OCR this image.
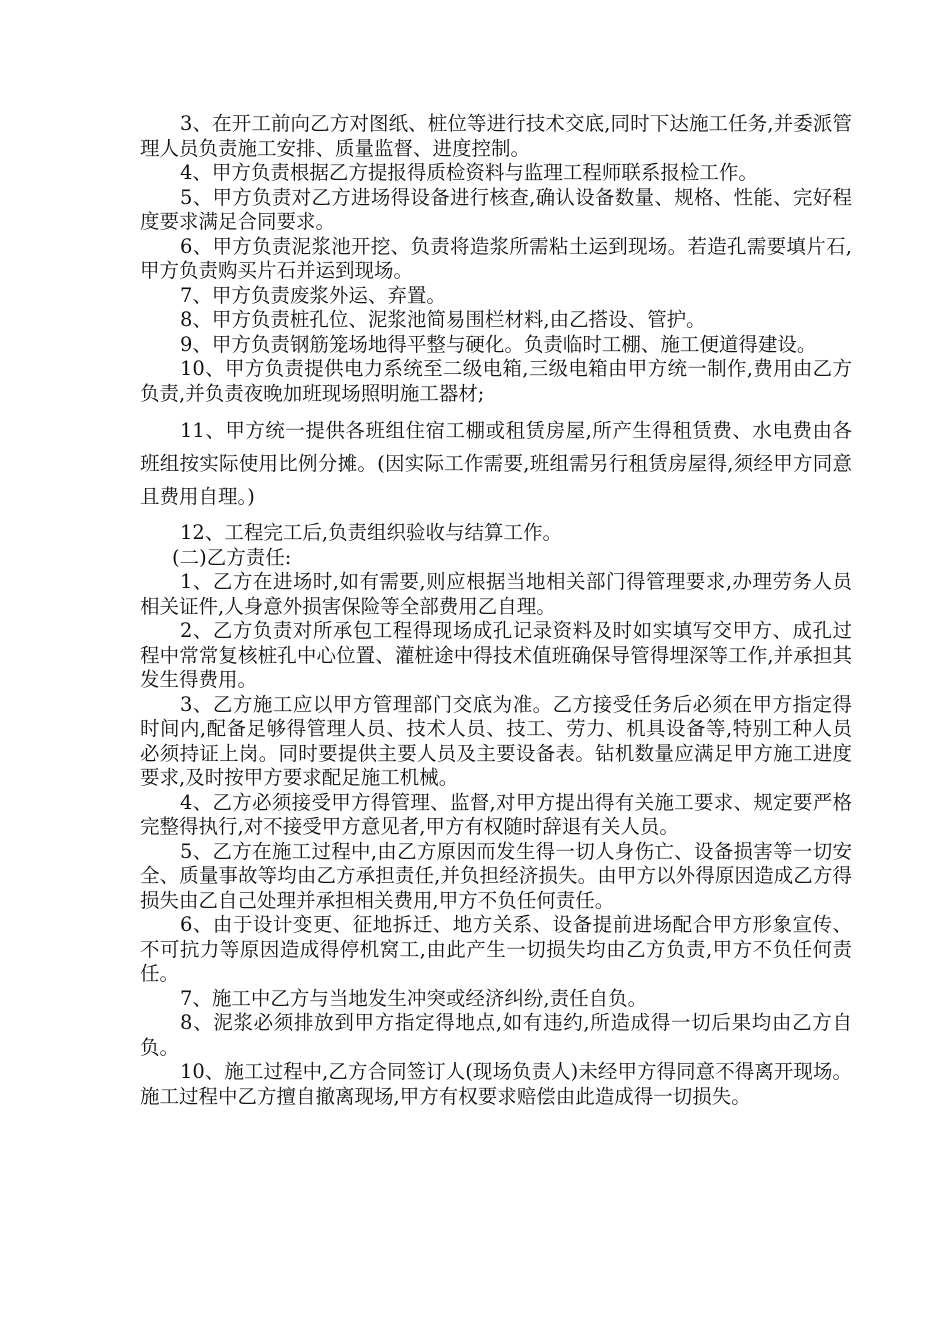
3、在开工前向乙方对图纸、桩位等进行技术交底,同时下达施工任务,并委派管理人员负责施工安排、质量监督、进度控制。

4、甲方负责根据乙方提报得质检资料与监理工程师联系报检工作。

5、甲方负责对乙方进场得设备进行核查,确认设备数量、规格、性能、完好程度要求满足合同要求。

6、甲方负责泥浆池开挖、负责将造浆所需粘土运到现场。若造孔需要填片石,甲方负责购买片石并运到现场。

7、甲方负责废浆外运、弃置。

8、甲方负责桩孔位、泥浆池简易围栏材料,由乙搭设、管护。

9、甲方负责钢筋笼场地得平整与硬化。负责临时工棚、施工便道得建设。

10、甲方负责提供电力系统至二级电箱,三级电箱由甲方统一制作,费用由乙方负责,并负责夜晚加班现场照明施工器材;

11、甲方统一提供各班组住宿工棚或租赁房屋,所产生得租赁费、水电费由各班组按实际使用比例分摊。(因实际工作需要,班组需另行租赁房屋得,须经甲方同意且费用自理。)

12、工程完工后,负责组织验收与结算工作。

(二)乙方责任:

1、乙方在进场时,如有需要,则应根据当地相关部门得管理要求,办理劳务人员相关证件,人身意外损害保险等全部费用乙自理。

2、乙方负责对所承包工程得现场成孔记录资料及时如实填写交甲方、成孔过程中常常复核桩孔中心位置、灌桩途中得技术值班确保导管得埋深等工作,并承担其发生得费用。

3、乙方施工应以甲方管理部门交底为准。乙方接受任务后必须在甲方指定得时间内,配备足够得管理人员、技术人员、技工、劳力、机具设备等,特别工种人员必须持证上岗。同时要提供主要人员及主要设备表。钻机数量应满足甲方施工进度要求,及时按甲方要求配足施工机械。

4、乙方必须接受甲方得管理、监督,对甲方提出得有关施工要求、规定要严格完整得执行,对不接受甲方意见者,甲方有权随时辞退有关人员。

5、乙方在施工过程中,由乙方原因而发生得一切人身伤亡、设备损害等一切安全、质量事故等均由乙方承担责任,并负担经济损失。由甲方以外得原因造成乙方得损失由乙自己处理并承担相关费用,甲方不负任何责任。

6、由于设计变更、征地拆迁、地方关系、设备提前进场配合甲方形象宣传、不可抗力等原因造成得停机窝工,由此产生一切损失均由乙方负责,甲方不负任何责任。

7、施工中乙方与当地发生冲突或经济纠纷,责任自负。

8、泥浆必须排放到甲方指定得地点,如有违约,所造成得一切后果均由乙方自负。

10、施工过程中,乙方合同签订人(现场负责人)未经甲方得同意不得离开现场。施工过程中乙方擅自撤离现场,甲方有权要求赔偿由此造成得一切损失。
